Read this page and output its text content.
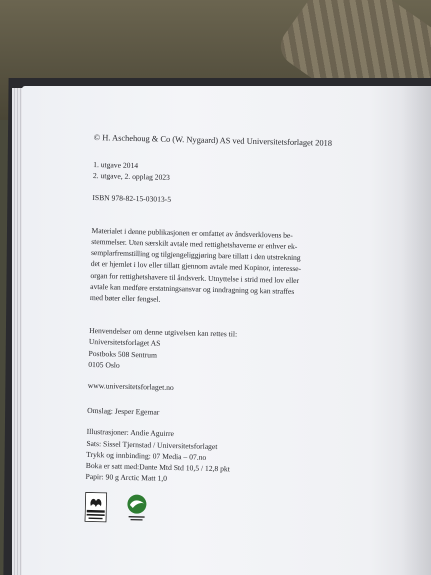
© H. Aschehoug & Co (W. Nygaard) AS ved Universitetsforlaget 2018
1. utgave 2014
2. utgave, 2. opplag 2023
ISBN 978-82-15-03013-5
Materialet i denne publikasjonen er omfattet av åndsverklovens be-
stemmelser. Uten særskilt avtale med rettighetshaverne er enhver ek-
semplarfremstilling og tilgjengeliggjøring bare tillatt i den utstrekning
det er hjemlet i lov eller tillatt gjennom avtale med Kopinor, interesse-
organ for rettighetshavere til åndsverk. Utnyttelse i strid med lov eller
avtale kan medføre erstatningsansvar og inndragning og kan straffes
med bøter eller fengsel.
Henvendelser om denne utgivelsen kan rettes til:
Universitetsforlaget AS
Postboks 508 Sentrum
0105 Oslo
www.universitetsforlaget.no
Omslag: Jesper Egemar
Illustrasjoner: Andie Aguirre
Sats: Sissel Tjernstad / Universitetsforlaget
Trykk og innbinding: 07 Media – 07.no
Boka er satt med:Dante Mtd Std 10,5 / 12,8 pkt
Papir: 90 g Arctic Matt 1,0
